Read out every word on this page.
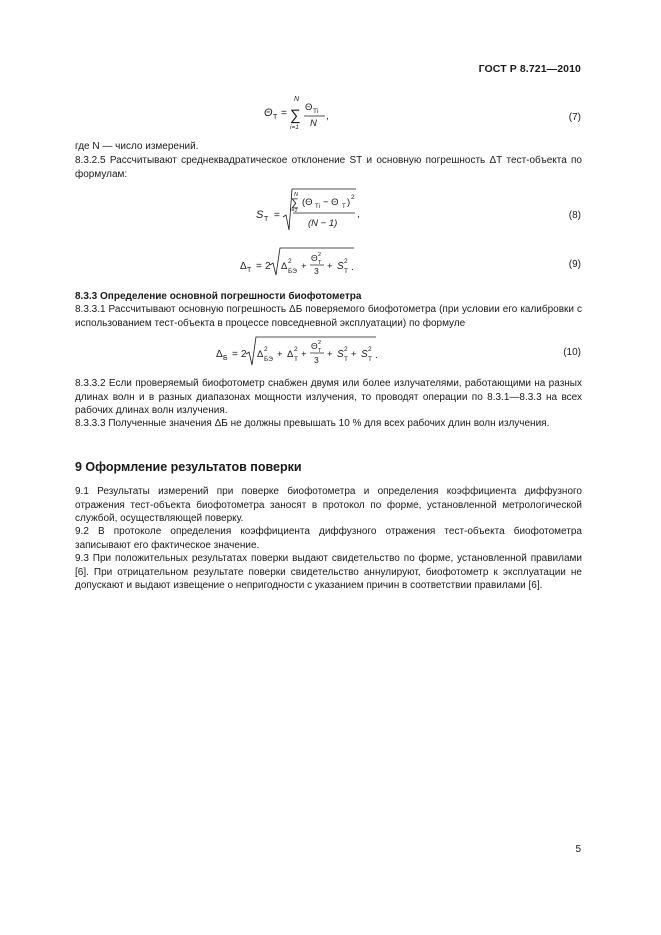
ГОСТ Р 8.721—2010
Θ Т =
N
∑
i=1
Θ Тi
N
,	(7)
где N — число измерений.
8.3.2.5 Рассчитывают среднеквадратическое отклонение SТ и основную погрешность ΔТ тест-объекта по формулам:
S Т =
N
∑
i=1
(Θ Тi − Θ Т ) 2
(N − 1)
,	(8)
Δ Т = 2 Δ 2
БЭ +
Θ 2
Т
3 + S 2
Т .	(9)
8.3.3 Определение основной погрешности биофотометра
8.3.3.1 Рассчитывают основную погрешность ΔБ поверяемого биофотометра (при условии его калибровки с использованием тест-объекта в процессе повседневной эксплуатации) по формуле
Δ Б = 2 Δ 2
БЭ + Δ 2
Т +
Θ 2
Т
3 + S 2
Т + S 2
Т .	(10)
8.3.3.2 Если проверяемый биофотометр снабжен двумя или более излучателями, работающими на разных длинах волн и в разных диапазонах мощности излучения, то проводят операции по 8.3.1—8.3.3 на всех рабочих длинах волн излучения.
8.3.3.3 Полученные значения ΔБ не должны превышать 10 % для всех рабочих длин волн излучения.
9 Оформление результатов поверки
9.1 Результаты измерений при поверке биофотометра и определения коэффициента диффузного отражения тест-объекта биофотометра заносят в протокол по форме, установленной метрологической службой, осуществляющей поверку.
9.2 В протоколе определения коэффициента диффузного отражения тест-объекта биофотометра записывают его фактическое значение.
9.3 При положительных результатах поверки выдают свидетельство по форме, установленной правилами [6]. При отрицательном результате поверки свидетельство аннулируют, биофотометр к эксплуатации не допускают и выдают извещение о непригодности с указанием причин в соответствии правилами [6].
5
